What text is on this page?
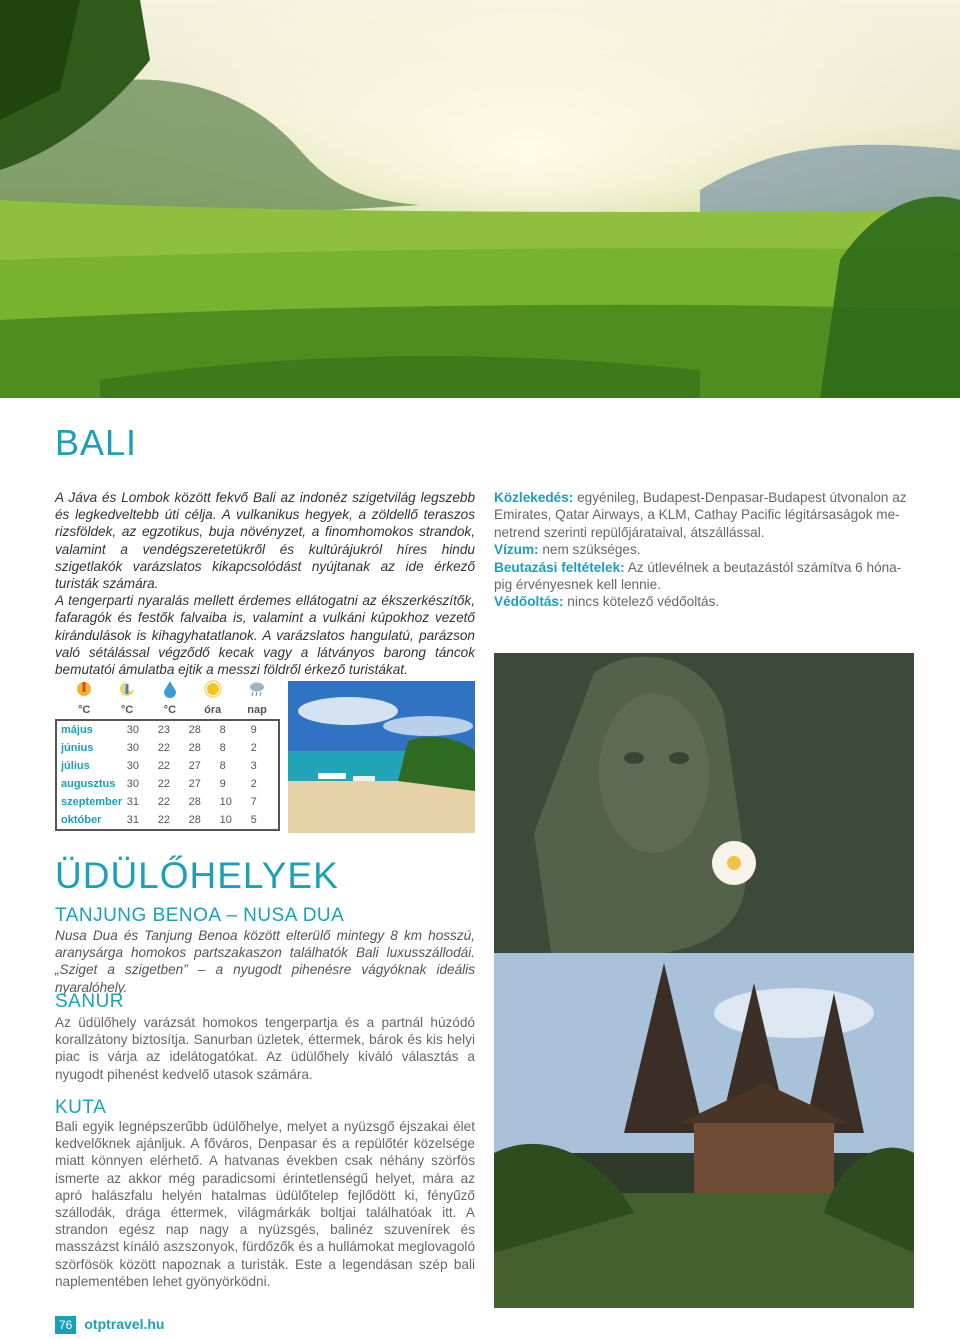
BALI

A Jáva és Lombok között fekvő Bali az indonéz szigetvilág legszebb és legkedveltebb úti célja. A vulkanikus hegyek, a zöldellő teraszos rizsföldek, az egzotikus, buja növényzet, a finomhomokos strandok, valamint a vendégszeretetükről és kultúrájukról híres hindu szigetlakók varázslatos kikapcsolódást nyújtanak az ide érkező turisták számára.

A tengerparti nyaralás mellett érdemes ellátogatni az ékszerkészítők, fafaragók és festők falvaiba is, valamint a vulkáni kúpokhoz vezető kirándulások is kihagyhatatlanok. A varázslatos hangulatú, parázson való sétálással végződő kecak vagy a látványos barong táncok bemutatói ámulatba ejtik a messzi földről érkező turistákat.

Közlekedés: egyénileg, Budapest-Denpasar-Budapest útvonalon az Emirates, Qatar Airways, a KLM, Cathay Pacific légitársaságok menetrend szerinti repülőjárataival, átszállással.
Vízum: nem szükséges.
Beutazási feltételek: Az útlevélnek a beutazástól számítva 6 hónapig érvényesnek kell lennie.
Védőoltás: nincs kötelező védőoltás.

	°C	°C	°C	óra	nap
május	30	23	28	8	9
június	30	22	28	8	2
július	30	22	27	8	3
augusztus	30	22	27	9	2
szeptember	31	22	28	10	7
október	31	22	28	10	5
ÜDÜLŐHELYEK
TANJUNG BENOA – NUSA DUA
Nusa Dua és Tanjung Benoa között elterülő mintegy 8 km hosszú, aranysárga homokos partszakaszon találhatók Bali luxusszállodái. „Sziget a szigetben” – a nyugodt pihenésre vágyóknak ideális nyaralóhely.
SANUR
Az üdülőhely varázsát homokos tengerpartja és a partnál húzódó korallzátony biztosítja. Sanurban üzletek, éttermek, bárok és kis helyi piac is várja az idelátogatókat. Az üdülőhely kiváló választás a nyugodt pihenést kedvelő utasok számára.
KUTA
Bali egyik legnépszerűbb üdülőhelye, melyet a nyüzsgő éjszakai élet kedvelőknek ajánljuk. A főváros, Denpasar és a repülőtér közelsége miatt könnyen elérhető. A hatvanas években csak néhány szörfös ismerte az akkor még paradicsomi érintetlenségű helyet, mára az apró halászfalu helyén hatalmas üdülőtelep fejlődött ki, fényűző szállodák, drága éttermek, világmárkák boltjai találhatóak itt. A strandon egész nap nagy a nyüzsgés, balinéz szuvenírek és masszázst kínáló aszszonyok, fürdőzők és a hullámokat meglovagoló szörfösök között napoznak a turisták. Este a legendásan szép bali naplementében lehet gyönyörködni.
76 otptravel.hu
